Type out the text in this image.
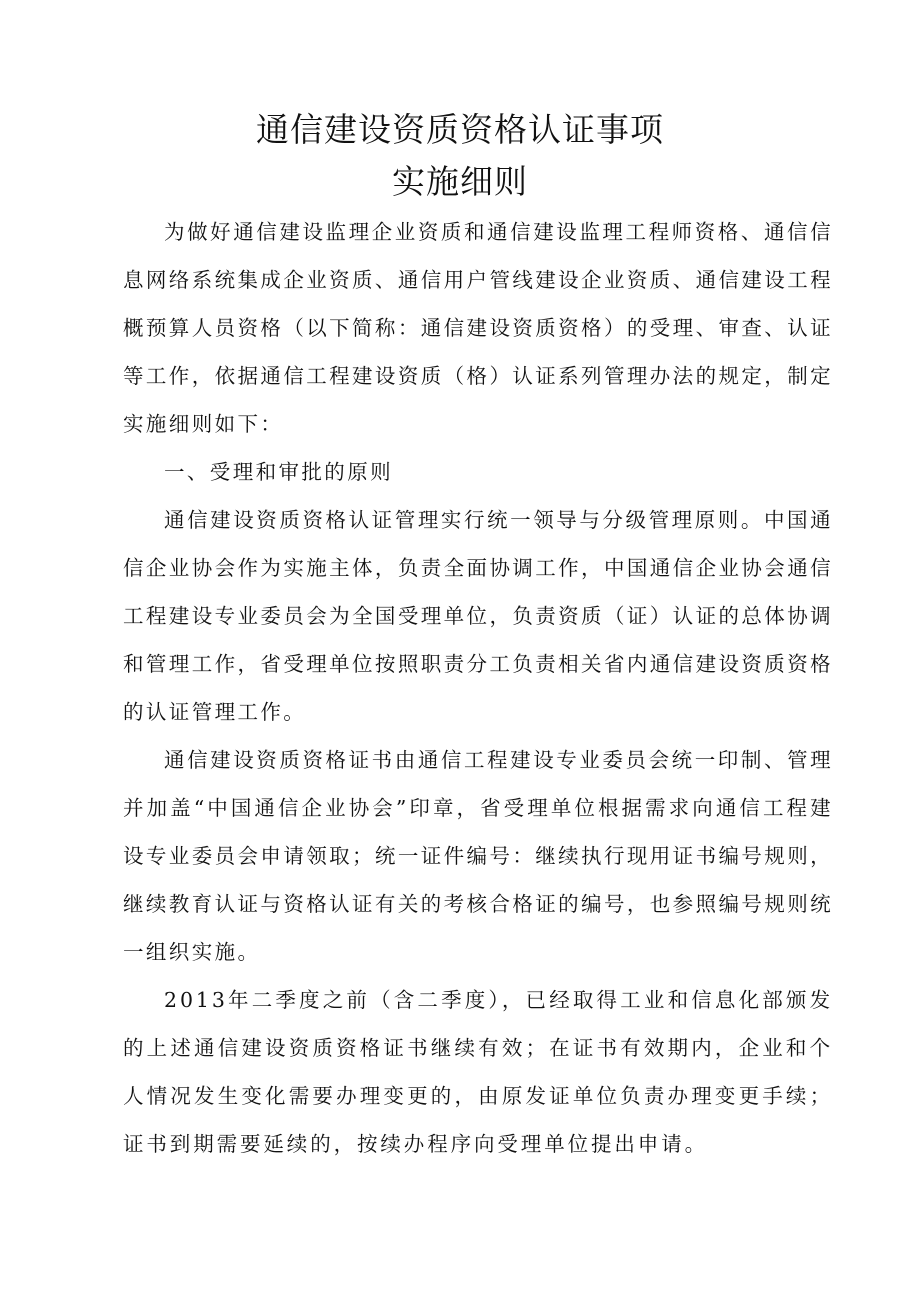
通信建设资质资格认证事项

实施细则

为做好通信建设监理企业资质和通信建设监理工程师资格、通信信息网络系统集成企业资质、通信用户管线建设企业资质、通信建设工程概预算人员资格（以下简称：通信建设资质资格）的受理、审查、认证等工作，依据通信工程建设资质（格）认证系列管理办法的规定，制定实施细则如下：

一、受理和审批的原则

通信建设资质资格认证管理实行统一领导与分级管理原则。中国通信企业协会作为实施主体，负责全面协调工作，中国通信企业协会通信工程建设专业委员会为全国受理单位，负责资质（证）认证的总体协调和管理工作，省受理单位按照职责分工负责相关省内通信建设资质资格的认证管理工作。

通信建设资质资格证书由通信工程建设专业委员会统一印制、管理并加盖“中国通信企业协会”印章，省受理单位根据需求向通信工程建设专业委员会申请领取；统一证件编号：继续执行现用证书编号规则，继续教育认证与资格认证有关的考核合格证的编号，也参照编号规则统一组织实施。

2013年二季度之前（含二季度），已经取得工业和信息化部颁发的上述通信建设资质资格证书继续有效；在证书有效期内，企业和个人情况发生变化需要办理变更的，由原发证单位负责办理变更手续；证书到期需要延续的，按续办程序向受理单位提出申请。
